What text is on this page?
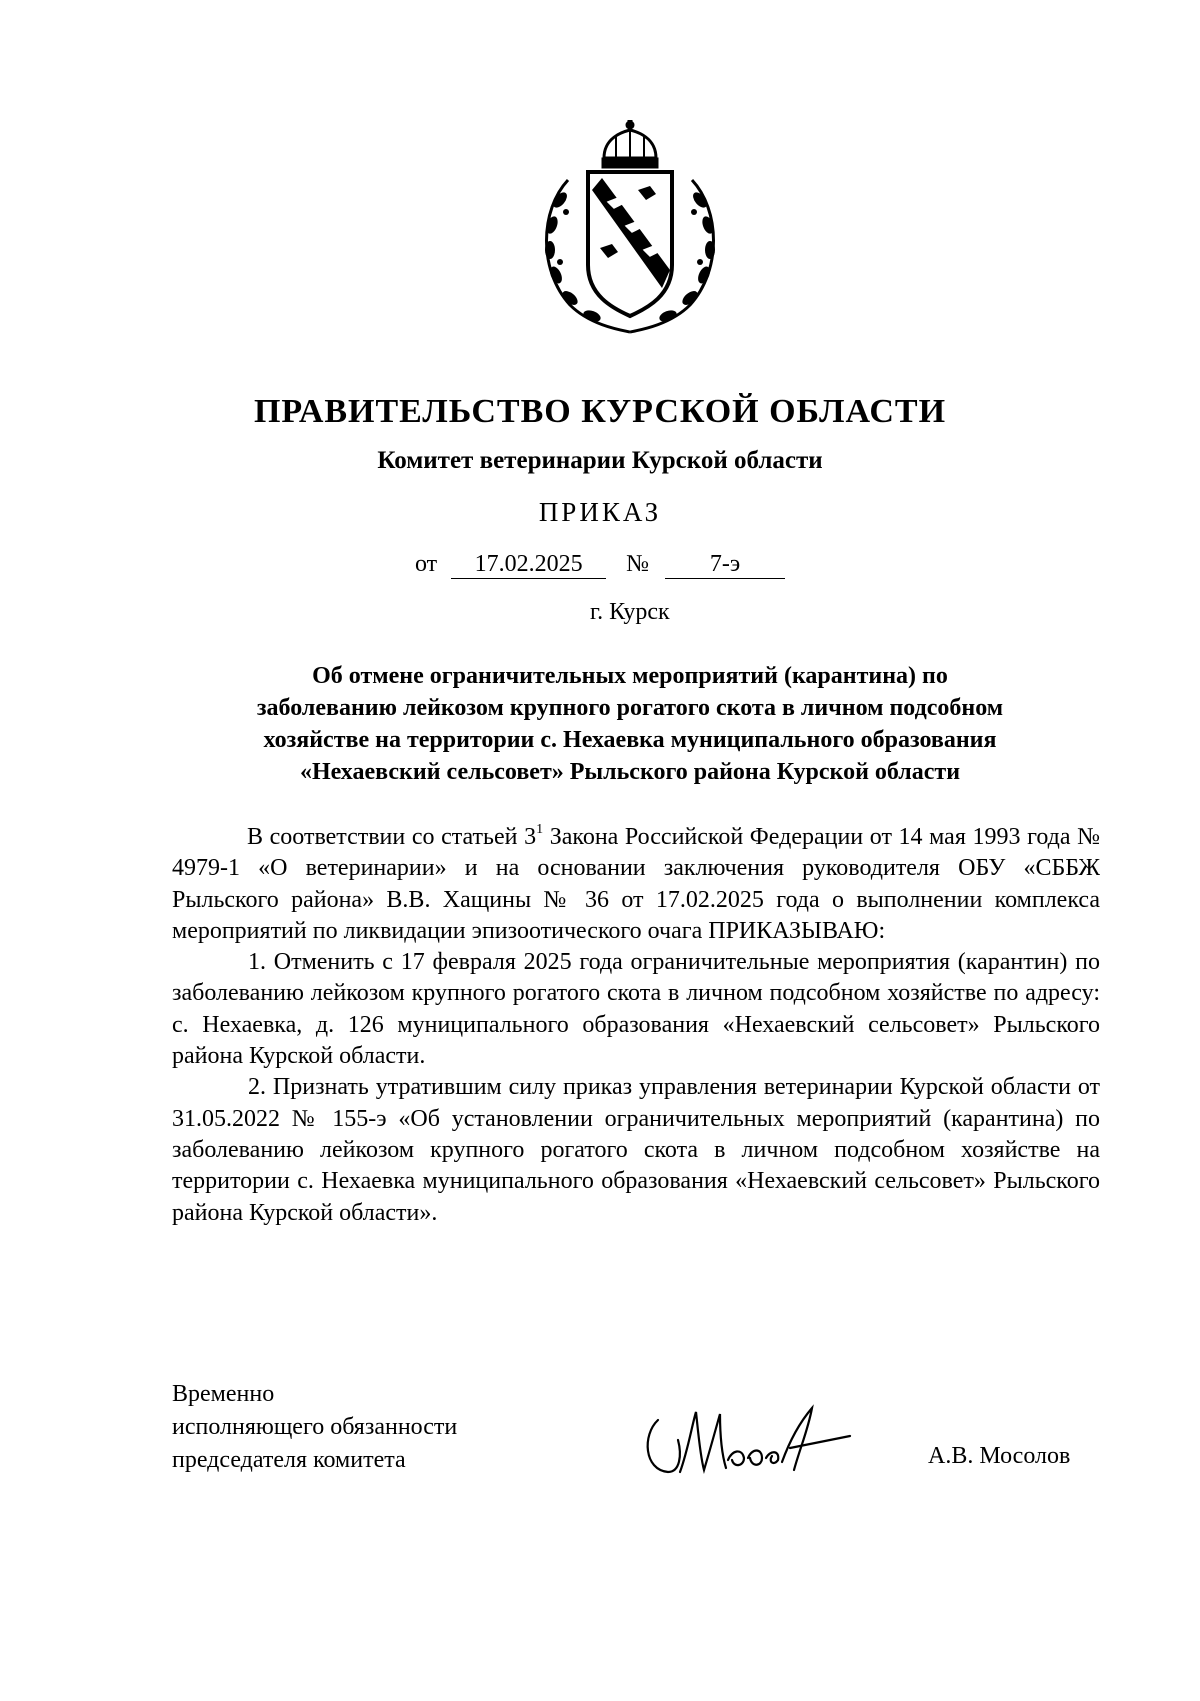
ПРАВИТЕЛЬСТВО КУРСКОЙ ОБЛАСТИ
Комитет ветеринарии Курской области
ПРИКАЗ
от 17.02.2025 №	7-э
г. Курск
Об отмене ограничительных мероприятий (карантина) по
заболеванию лейкозом крупного рогатого скота в личном подсобном
хозяйстве на территории с. Нехаевка муниципального образования
«Нехаевский сельсовет» Рыльского района Курской области

В соответствии со статьей $3^1$ Закона Российской Федерации от 14 мая 1993 года № 4979-1 «О ветеринарии» и на основании заключения руководителя ОБУ «СББЖ Рыльского района» В.В. Хащины № 36 от 17.02.2025 года о выполнении комплекса мероприятий по ликвидации эпизоотического очага ПРИКАЗЫВАЮ:

1. Отменить с 17 февраля 2025 года ограничительные мероприятия (карантин) по заболеванию лейкозом крупного рогатого скота в личном подсобном хозяйстве по адресу: с. Нехаевка, д. 126 муниципального образования «Нехаевский сельсовет» Рыльского района Курской области.

2. Признать утратившим силу приказ управления ветеринарии Курской области от 31.05.2022 № 155-э «Об установлении ограничительных мероприятий (карантина) по заболеванию лейкозом крупного рогатого скота в личном подсобном хозяйстве на территории с. Нехаевка муниципального образования «Нехаевский сельсовет» Рыльского района Курской области».

Временно
исполняющего обязанности
председателя комитета	А.В. Мосолов
